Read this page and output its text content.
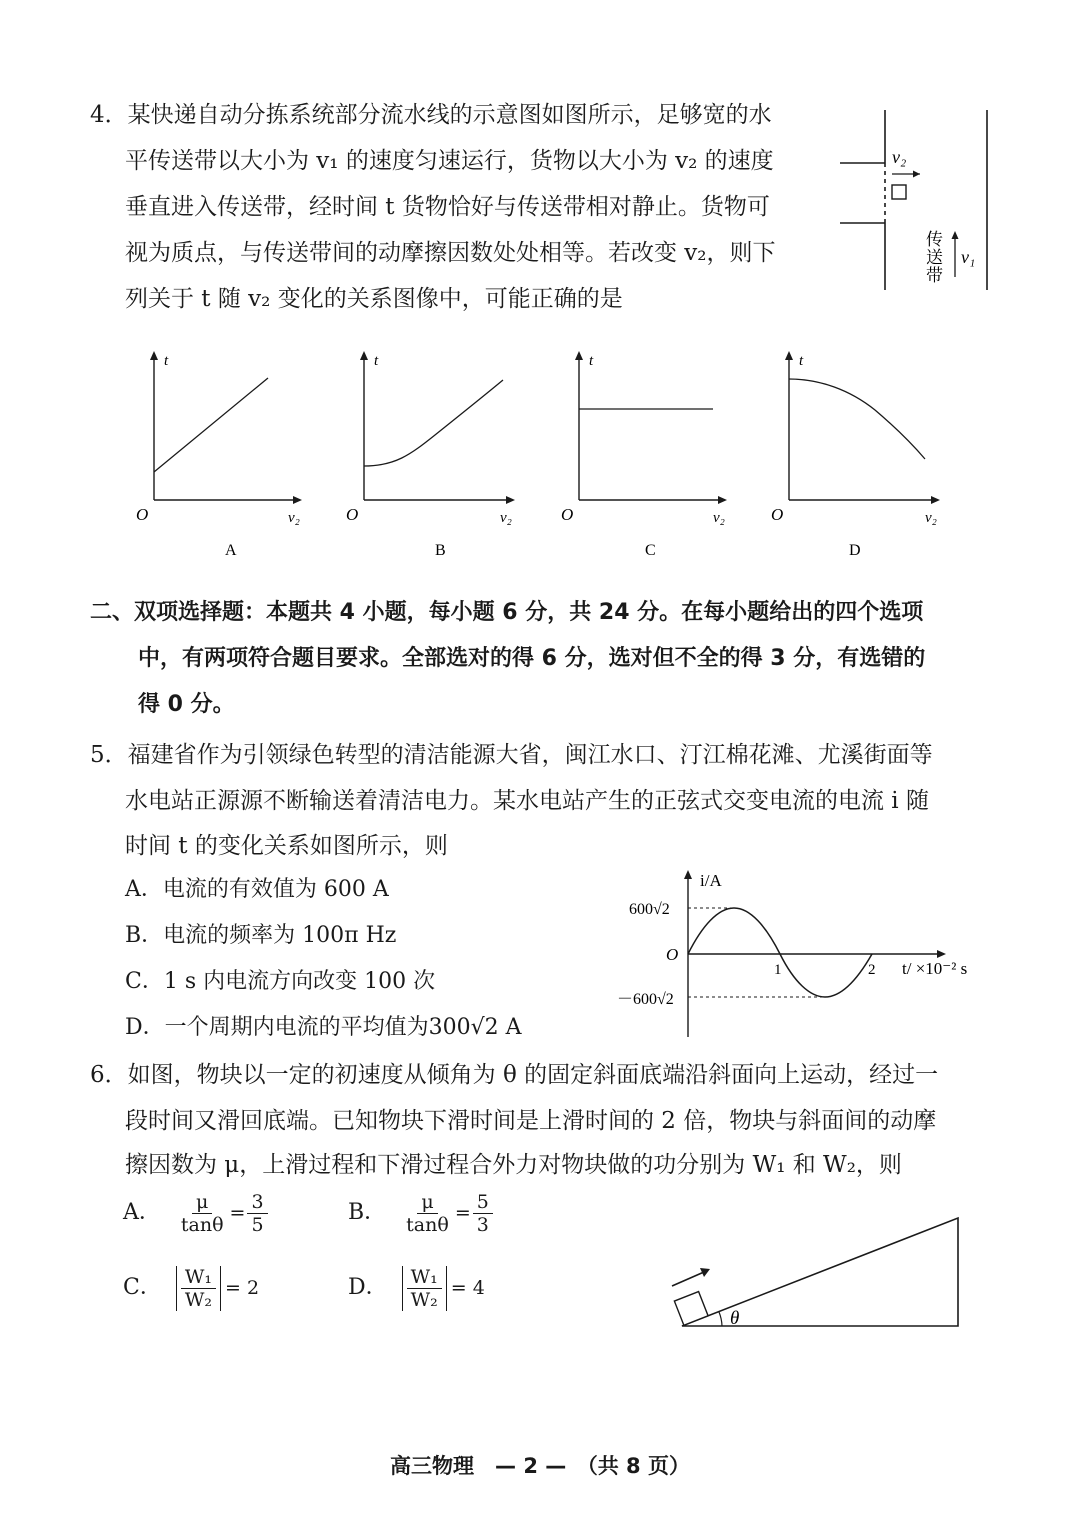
4．某快递自动分拣系统部分流水线的示意图如图所示，足够宽的水
平传送带以大小为 v₁ 的速度匀速运行，货物以大小为 v₂ 的速度
垂直进入传送带，经时间 t 货物恰好与传送带相对静止。货物可
视为质点，与传送带间的动摩擦因数处处相等。若改变 v₂，则下
列关于 t 随 v₂ 变化的关系图像中，可能正确的是
v₂
传
送
带
v₁
t
O	v₂
A
t
O	v₂
B
t
O	v₂
C
t
O	v₂
D
二、双项选择题：本题共 4 小题，每小题 6 分，共 24 分。在每小题给出的四个选项
中，有两项符合题目要求。全部选对的得 6 分，选对但不全的得 3 分，有选错的
得 0 分。
5．福建省作为引领绿色转型的清洁能源大省，闽江水口、汀江棉花滩、尤溪街面等
水电站正源源不断输送着清洁电力。某水电站产生的正弦式交变电流的电流 i 随
时间 t 的变化关系如图所示，则
A．电流的有效值为 600 A
B．电流的频率为 100π Hz
C．1 s 内电流方向改变 100 次
D．一个周期内电流的平均值为300√2 A
i/A
600√2
－600√2
O
1	2 t/ ×10⁻² s
6．如图，物块以一定的初速度从倾角为 θ 的固定斜面底端沿斜面向上运动，经过一
段时间又滑回底端。已知物块下滑时间是上滑时间的 2 倍，物块与斜面间的动摩
擦因数为 μ，上滑过程和下滑过程合外力对物块做的功分别为 W₁ 和 W₂，则
A． $\frac{\mu}{\tan\theta} = \frac{3}{5}$	B． $\frac{\mu}{\tan\theta} = \frac{5}{3}$
C． $\frac{\text{W₁}}{\text{W₂}} = 2$	D． $\frac{\text{W₁}}{\text{W₂}} = 4$
θ
高三物理　— 2 —　（共 8 页）
